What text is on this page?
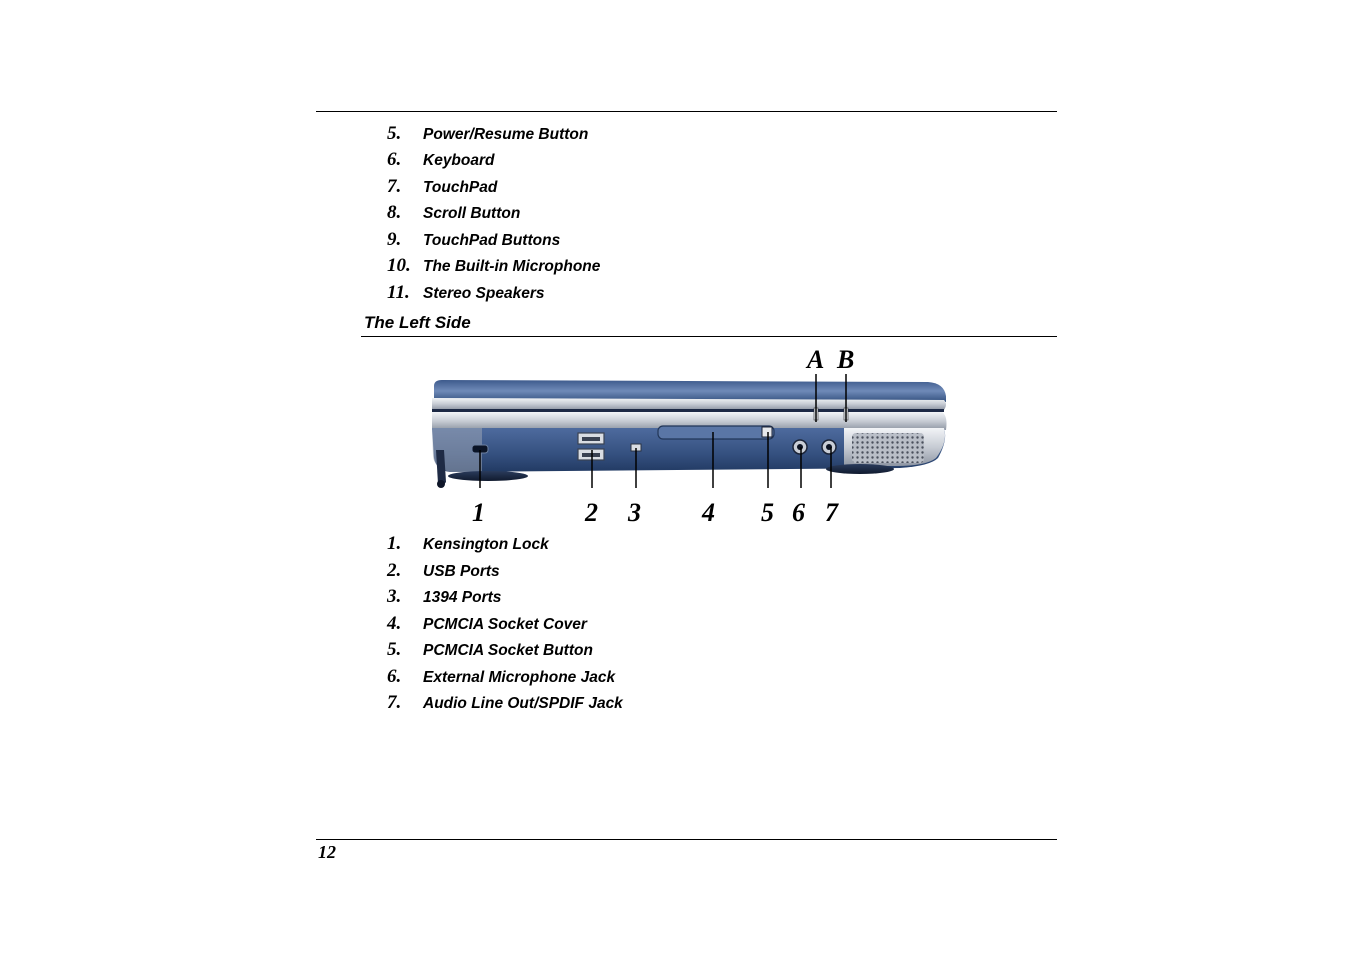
5. Power/Resume Button
6. Keyboard
7. TouchPad
8. Scroll Button
9. TouchPad Buttons
10. The Built-in Microphone
11. Stereo Speakers
The Left Side
A B
1	2 3 4 5 6 7
1. Kensington Lock
2. USB Ports
3. 1394 Ports
4. PCMCIA Socket Cover
5. PCMCIA Socket Button
6. External Microphone Jack
7. Audio Line Out/SPDIF Jack
12
